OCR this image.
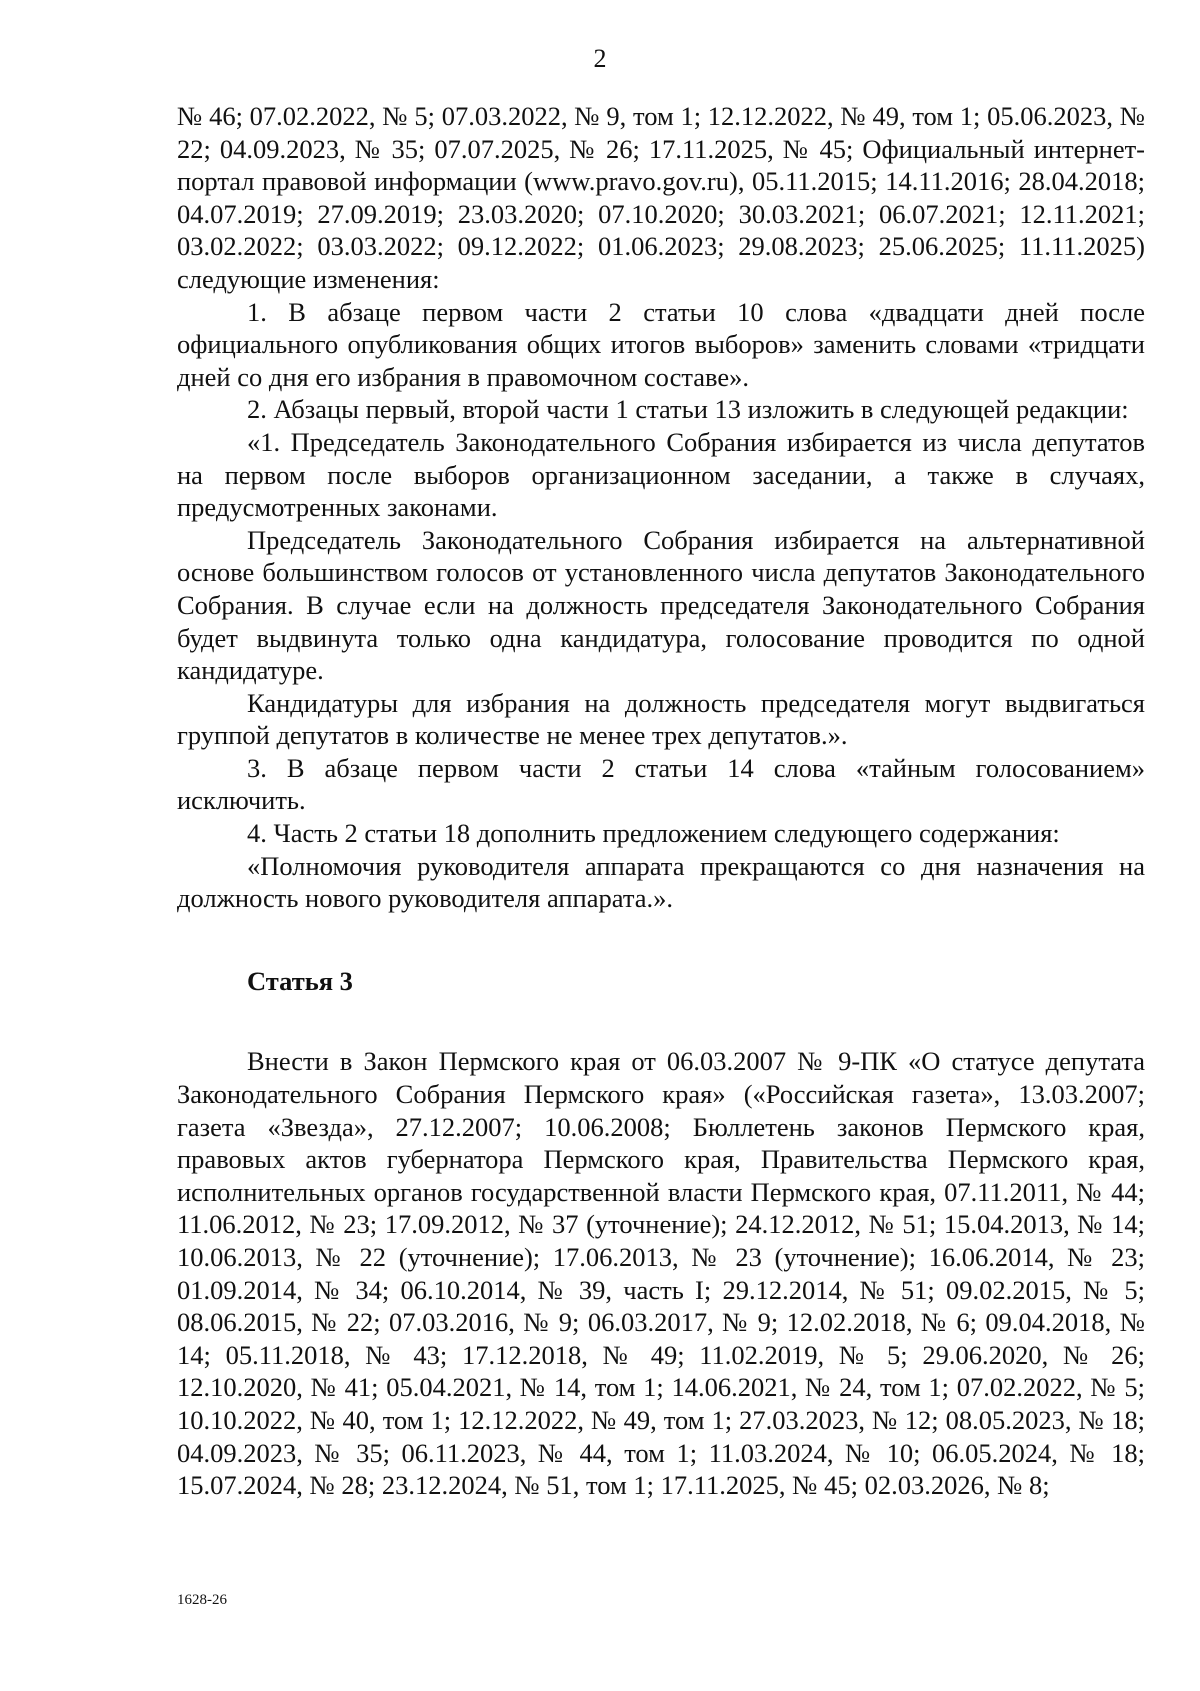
2

№ 46; 07.02.2022, № 5; 07.03.2022, № 9, том 1; 12.12.2022, № 49, том 1; 05.06.2023, № 22; 04.09.2023, № 35; 07.07.2025, № 26; 17.11.2025, № 45; Официальный интернет-портал правовой информации (www.pravo.gov.ru), 05.11.2015; 14.11.2016; 28.04.2018; 04.07.2019; 27.09.2019; 23.03.2020; 07.10.2020; 30.03.2021; 06.07.2021; 12.11.2021; 03.02.2022; 03.03.2022; 09.12.2022; 01.06.2023; 29.08.2023; 25.06.2025; 11.11.2025) следующие изменения:

1. В абзаце первом части 2 статьи 10 слова «двадцати дней после официального опубликования общих итогов выборов» заменить словами «тридцати дней со дня его избрания в правомочном составе».

2. Абзацы первый, второй части 1 статьи 13 изложить в следующей редакции:

«1. Председатель Законодательного Собрания избирается из числа депутатов на первом после выборов организационном заседании, а также в случаях, предусмотренных законами.

Председатель Законодательного Собрания избирается на альтернативной основе большинством голосов от установленного числа депутатов Законодательного Собрания. В случае если на должность председателя Законодательного Собрания будет выдвинута только одна кандидатура, голосование проводится по одной кандидатуре.

Кандидатуры для избрания на должность председателя могут выдвигаться группой депутатов в количестве не менее трех депутатов.».

3. В абзаце первом части 2 статьи 14 слова «тайным голосованием» исключить.

4. Часть 2 статьи 18 дополнить предложением следующего содержания:

«Полномочия руководителя аппарата прекращаются со дня назначения на должность нового руководителя аппарата.».

Статья 3

Внести в Закон Пермского края от 06.03.2007 № 9-ПК «О статусе депутата Законодательного Собрания Пермского края» («Российская газета», 13.03.2007; газета «Звезда», 27.12.2007; 10.06.2008; Бюллетень законов Пермского края, правовых актов губернатора Пермского края, Правительства Пермского края, исполнительных органов государственной власти Пермского края, 07.11.2011, № 44; 11.06.2012, № 23; 17.09.2012, № 37 (уточнение); 24.12.2012, № 51; 15.04.2013, № 14; 10.06.2013, № 22 (уточнение); 17.06.2013, № 23 (уточнение); 16.06.2014, № 23; 01.09.2014, № 34; 06.10.2014, № 39, часть I; 29.12.2014, № 51; 09.02.2015, № 5; 08.06.2015, № 22; 07.03.2016, № 9; 06.03.2017, № 9; 12.02.2018, № 6; 09.04.2018, № 14; 05.11.2018, № 43; 17.12.2018, № 49; 11.02.2019, № 5; 29.06.2020, № 26; 12.10.2020, № 41; 05.04.2021, № 14, том 1; 14.06.2021, № 24, том 1; 07.02.2022, № 5; 10.10.2022, № 40, том 1; 12.12.2022, № 49, том 1; 27.03.2023, № 12; 08.05.2023, № 18; 04.09.2023, № 35; 06.11.2023, № 44, том 1; 11.03.2024, № 10; 06.05.2024, № 18; 15.07.2024, № 28; 23.12.2024, № 51, том 1; 17.11.2025, № 45; 02.03.2026, № 8;

1628-26
